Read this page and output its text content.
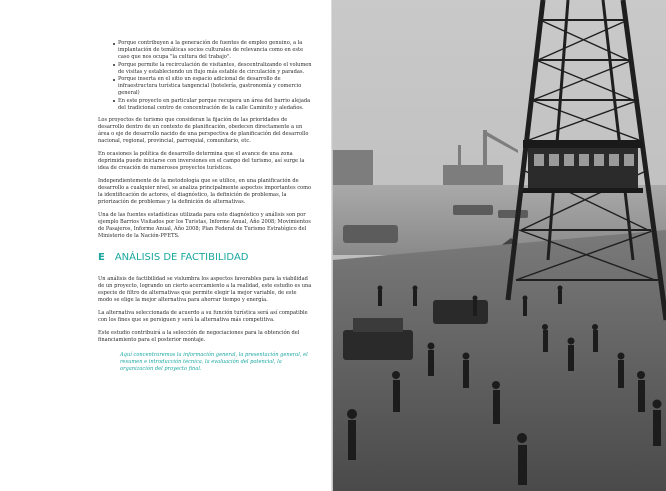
Porque contribuyen a la generación de fuentes de empleo genuino, a la implantación de temáticas socios culturales de relevancia como en este caso que nos ocupa "la cultura del trabajo".
Porque permite la recirculación de visitantes, descentralizando el volumen de visitas y estableciendo un flujo más estable de circulación y paradas.
Porque inserta en el sitio un espacio adicional de desarrollo de infraestructura turística tangencial (hotelería, gastronomía y comercio general)
En este proyecto en particular porque recupera un área del barrio alejada del tradicional centro de concentración de la calle Caminito y aledaños.

Los proyectos de turismo que consideran la fijación de las prioridades de desarrollo dentro de un contexto de planificación, obedecen directamente a un área o eje de desarrollo nacido de una perspectiva de planificación del desarrollo nacional, regional, provincial, parroquial, comunitario, etc.

En ocasiones la política de desarrollo determina que el avance de una zona deprimida puede iniciarse con inversiones en el campo del turismo, así surge la idea de creación de numerosos proyectos turísticos.

Independientemente de la metodología que se utilice, en una planificación de desarrollo a cualquier nivel, se analiza principalmente aspectos importantes como la identificación de actores, el diagnóstico, la definición de problemas, la priorización de problemas y la definición de alternativas.

Una de las fuentes estadísticas utilizada para este diagnóstico y análisis son por ejemplo Barrios Visitados por los Turistas, Informe Anual, Año 2008; Movimientos de Pasajeros, Informe Anual, Año 2008; Plan Federal de Turismo Estratégico del Ministerio de la Nación-PFETS.

E ANÁLISIS DE FACTIBILIDAD

Un análisis de factibilidad se vislumbra los aspectos favorables para la viabilidad de un proyecto, logrando un cierto acercamiento a la realidad, este estudio es una especie de filtro de alternativas que permite elegir la mejor variable, de este modo se elige la mejor alternativa para ahorrar tiempo y energía.

La alternativa seleccionada de acuerdo a su función turística será así compatible con los fines que se persiguen y será la alternativa más competitiva.

Este estudio contribuirá a la selección de negociaciones para la obtención del financiamiento para el posterior montaje.

Aquí concentraremos la información general, la presentación general, el resumen e introducción técnica, la evaluación del potencial, la organización del proyecto final.
